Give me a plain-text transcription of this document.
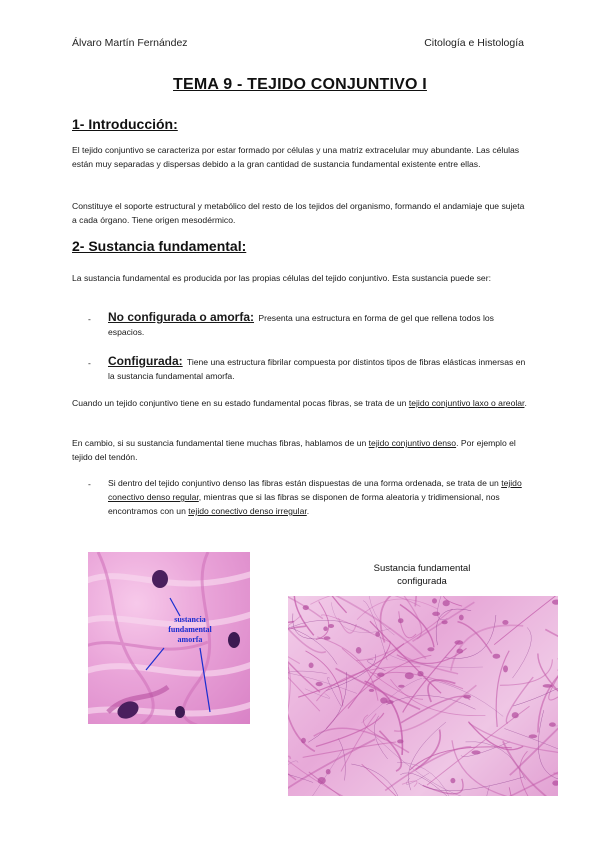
Álvaro Martín Fernández	Citología e Histología
TEMA 9 - TEJIDO CONJUNTIVO I
1- Introducción:
El tejido conjuntivo se caracteriza por estar formado por células y una matriz extracelular muy abundante. Las células están muy separadas y dispersas debido a la gran cantidad de sustancia fundamental existente entre ellas.
Constituye el soporte estructural y metabólico del resto de los tejidos del organismo, formando el andamiaje que sujeta a cada órgano. Tiene origen mesodérmico.
2- Sustancia fundamental:
La sustancia fundamental es producida por las propias células del tejido conjuntivo. Esta sustancia puede ser:
- No configurada o amorfa: Presenta una estructura en forma de gel que rellena todos los espacios.
- Configurada: Tiene una estructura fibrilar compuesta por distintos tipos de fibras elásticas inmersas en la sustancia fundamental amorfa.
Cuando un tejido conjuntivo tiene en su estado fundamental pocas fibras, se trata de un tejido conjuntivo laxo o areolar.
En cambio, si su sustancia fundamental tiene muchas fibras, hablamos de un tejido conjuntivo denso. Por ejemplo el tejido del tendón.
- Si dentro del tejido conjuntivo denso las fibras están dispuestas de una forma ordenada, se trata de un tejido conectivo denso regular, mientras que si las fibras se disponen de forma aleatoria y tridimensional, nos encontramos con un tejido conectivo denso irregular.
sustancia
fundamental
amorfa
Sustancia fundamental
configurada
